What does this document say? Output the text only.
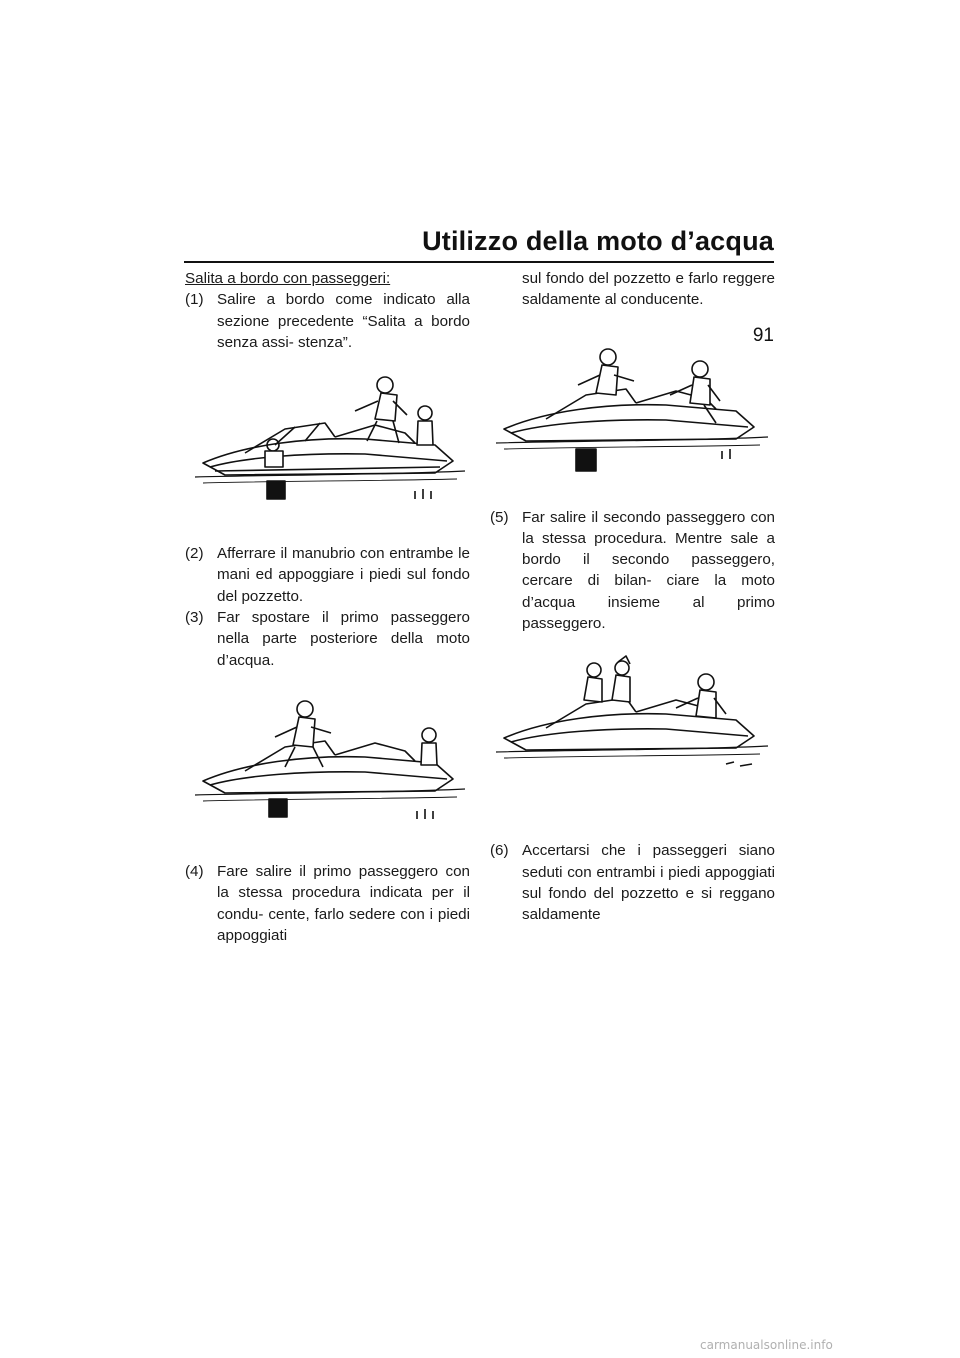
Utilizzo della moto d’acqua
91

Salita a bordo con passeggeri:

(1) Salire a bordo come indicato alla sezione precedente “Salita a bordo senza assi- stenza”.

(2) Afferrare il manubrio con entrambe le mani ed appoggiare i piedi sul fondo del pozzetto.

(3) Far spostare il primo passeggero nella parte posteriore della moto d’acqua.

(4) Fare salire il primo passeggero con la stessa procedura indicata per il condu- cente, farlo sedere con i piedi appoggiati

sul fondo del pozzetto e farlo reggere saldamente al conducente.

(5) Far salire il secondo passeggero con la stessa procedura. Mentre sale a bordo il secondo passeggero, cercare di bilan- ciare la moto d’acqua insieme al primo passeggero.

(6) Accertarsi che i passeggeri siano seduti con entrambi i piedi appoggiati sul fondo del pozzetto e si reggano saldamente

carmanualsonline.info
